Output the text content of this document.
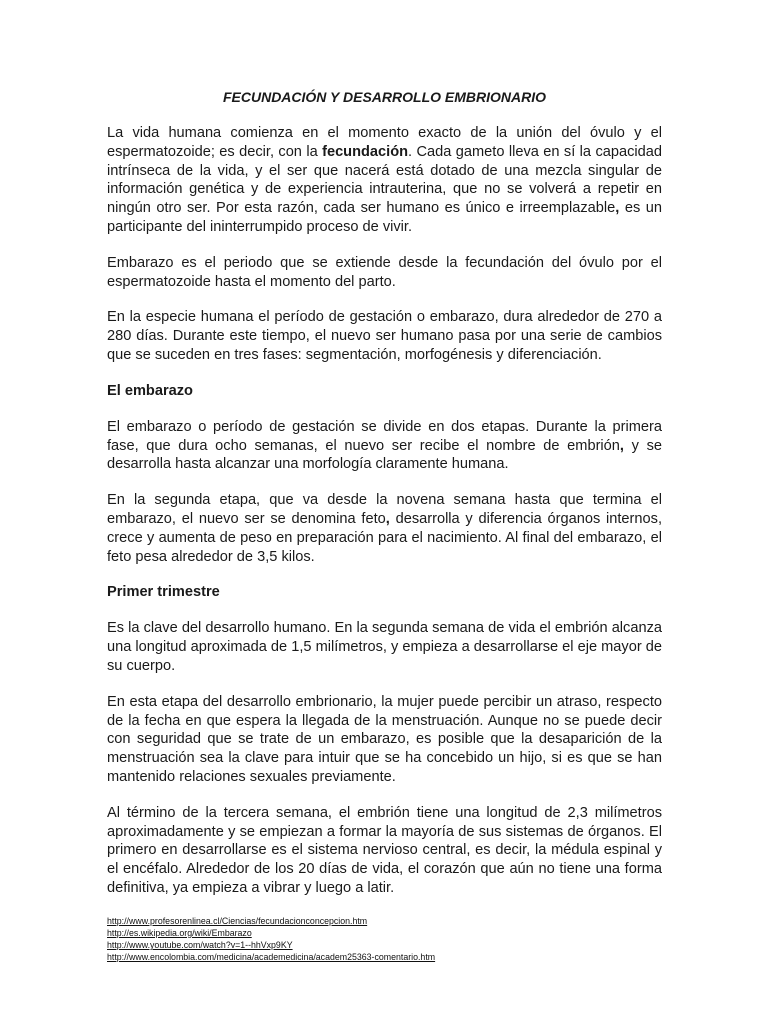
FECUNDACIÓN Y DESARROLLO EMBRIONARIO

La vida humana comienza en el momento exacto de la unión del óvulo y el espermatozoide; es decir, con la fecundación. Cada gameto lleva en sí la capacidad intrínseca de la vida, y el ser que nacerá está dotado de una mezcla singular de información genética y de experiencia intrauterina, que no se volverá a repetir en ningún otro ser. Por esta razón, cada ser humano es único e irreemplazable, es un participante del ininterrumpido proceso de vivir.

Embarazo es el periodo que se extiende desde la fecundación del óvulo por el espermatozoide hasta el momento del parto.

En la especie humana el período de gestación o embarazo, dura alrededor de 270 a 280 días. Durante este tiempo, el nuevo ser humano pasa por una serie de cambios que se suceden en tres fases: segmentación, morfogénesis y diferenciación.

El embarazo

El embarazo o período de gestación se divide en dos etapas. Durante la primera fase, que dura ocho semanas, el nuevo ser recibe el nombre de embrión, y se desarrolla hasta alcanzar una morfología claramente humana.

En la segunda etapa, que va desde la novena semana hasta que termina el embarazo, el nuevo ser se denomina feto, desarrolla y diferencia órganos internos, crece y aumenta de peso en preparación para el nacimiento. Al final del embarazo, el feto pesa alrededor de 3,5 kilos.

Primer trimestre

Es la clave del desarrollo humano. En la segunda semana de vida el embrión alcanza una longitud aproximada de 1,5 milímetros, y empieza a desarrollarse el eje mayor de su cuerpo.

En esta etapa del desarrollo embrionario, la mujer puede percibir un atraso, respecto de la fecha en que espera la llegada de la menstruación. Aunque no se puede decir con seguridad que se trate de un embarazo, es posible que la desaparición de la menstruación sea la clave para intuir que se ha concebido un hijo, si es que se han mantenido relaciones sexuales previamente.

Al término de la tercera semana, el embrión tiene una longitud de 2,3 milímetros aproximadamente y se empiezan a formar la mayoría de sus sistemas de órganos. El primero en desarrollarse es el sistema nervioso central, es decir, la médula espinal y el encéfalo. Alrededor de los 20 días de vida, el corazón que aún no tiene una forma definitiva, ya empieza a vibrar y luego a latir.

http://www.profesorenlinea.cl/Ciencias/fecundacionconcepcion.htm
http://es.wikipedia.org/wiki/Embarazo
http://www.youtube.com/watch?v=1--hhVxp9KY
http://www.encolombia.com/medicina/academedicina/academ25363-comentario.htm
